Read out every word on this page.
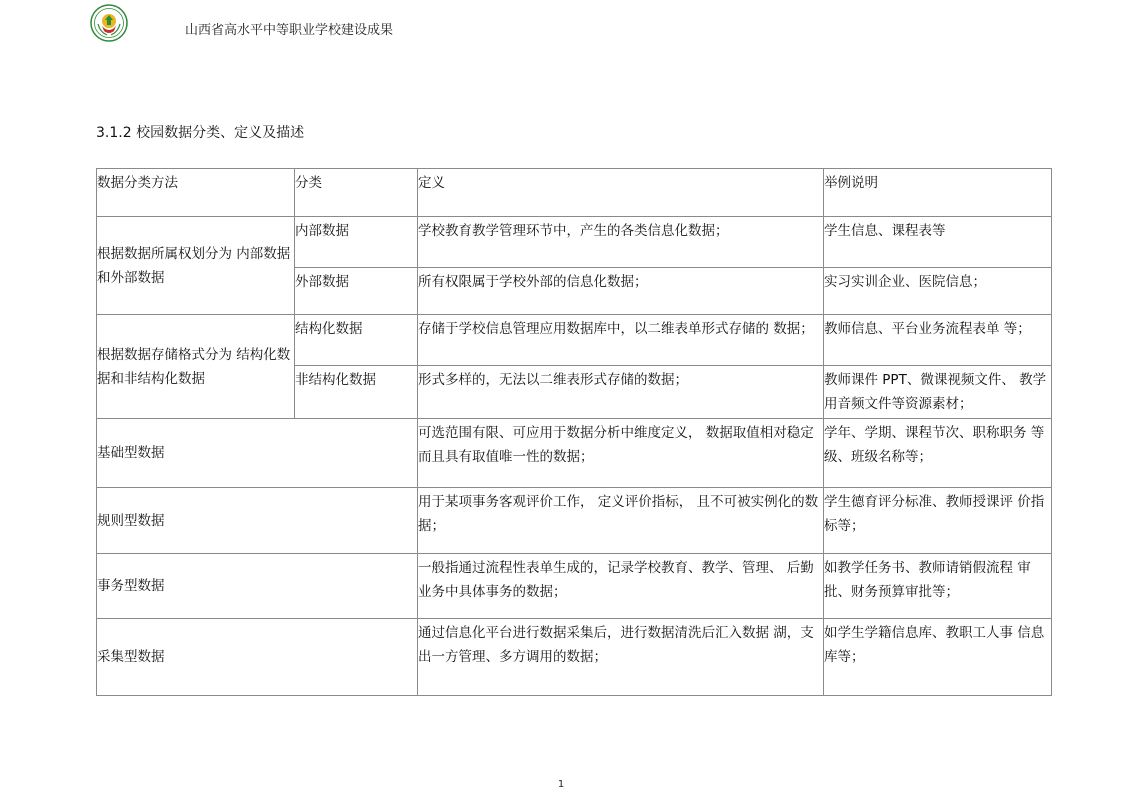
山西省高水平中等职业学校建设成果
3.1.2 校园数据分类、定义及描述
数据分类方法	分类	定义	举例说明
根据数据所属权划分为 内部数据和外部数据	内部数据	学校教育教学管理环节中，产生的各类信息化数据；	学生信息、课程表等
	外部数据	所有权限属于学校外部的信息化数据；	实习实训企业、医院信息；
根据数据存储格式分为 结构化数据和非结构化数据	结构化数据	存储于学校信息管理应用数据库中，以二维表单形式存储的 数据；	教师信息、平台业务流程表单 等；
	非结构化数据	形式多样的，无法以二维表形式存储的数据；	教师课件 PPT、微课视频文件、 教学用音频文件等资源素材；
基础型数据		可选范围有限、可应用于数据分析中维度定义， 数据取值相对稳定而且具有取值唯一性的数据；	学年、学期、课程节次、职称职务 等级、班级名称等；
规则型数据		用于某项事务客观评价工作， 定义评价指标， 且不可被实例化的数据；	学生德育评分标准、教师授课评 价指标等；
事务型数据		一般指通过流程性表单生成的，记录学校教育、教学、管理、 后勤业务中具体事务的数据；	如教学任务书、教师请销假流程 审批、财务预算审批等；
采集型数据		通过信息化平台进行数据采集后，进行数据清洗后汇入数据 湖，支出一方管理、多方调用的数据；	如学生学籍信息库、教职工人事 信息库等；
1
